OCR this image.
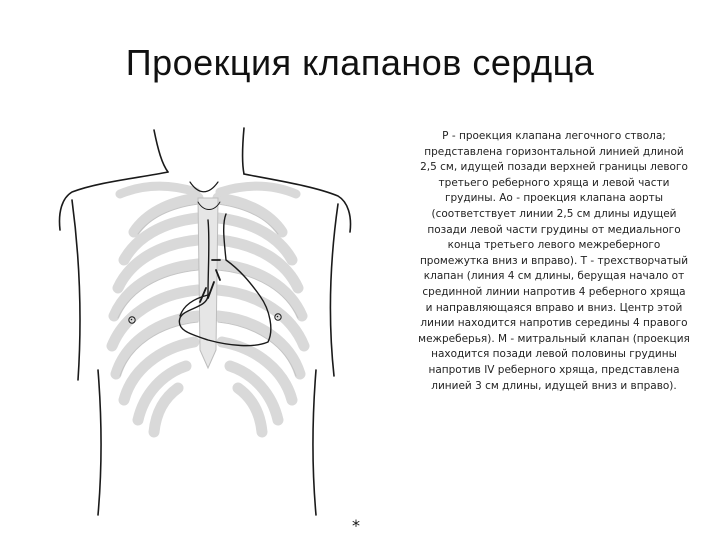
Проекция клапанов сердца
Р - проекция клапана легочного ствола; представлена горизонтальной линией длиной 2,5 см, идущей позади верхней границы левого третьего реберного хряща и левой части грудины. Ао - проекция клапана аорты (соответствует линии 2,5 см длины идущей позади левой части грудины от медиального конца третьего левого межреберного промежутка вниз и вправо). Т - трехстворчатый клапан (линия 4 см длины, берущая начало от срединной линии напротив 4 реберного хряща и направляющаяся вправо и вниз. Центр этой линии находится напротив середины 4 правого межреберья). М - митральный клапан (проекция находится позади левой половины грудины напротив IV реберного хряща, представлена линией 3 см длины, идущей вниз и вправо).
*
